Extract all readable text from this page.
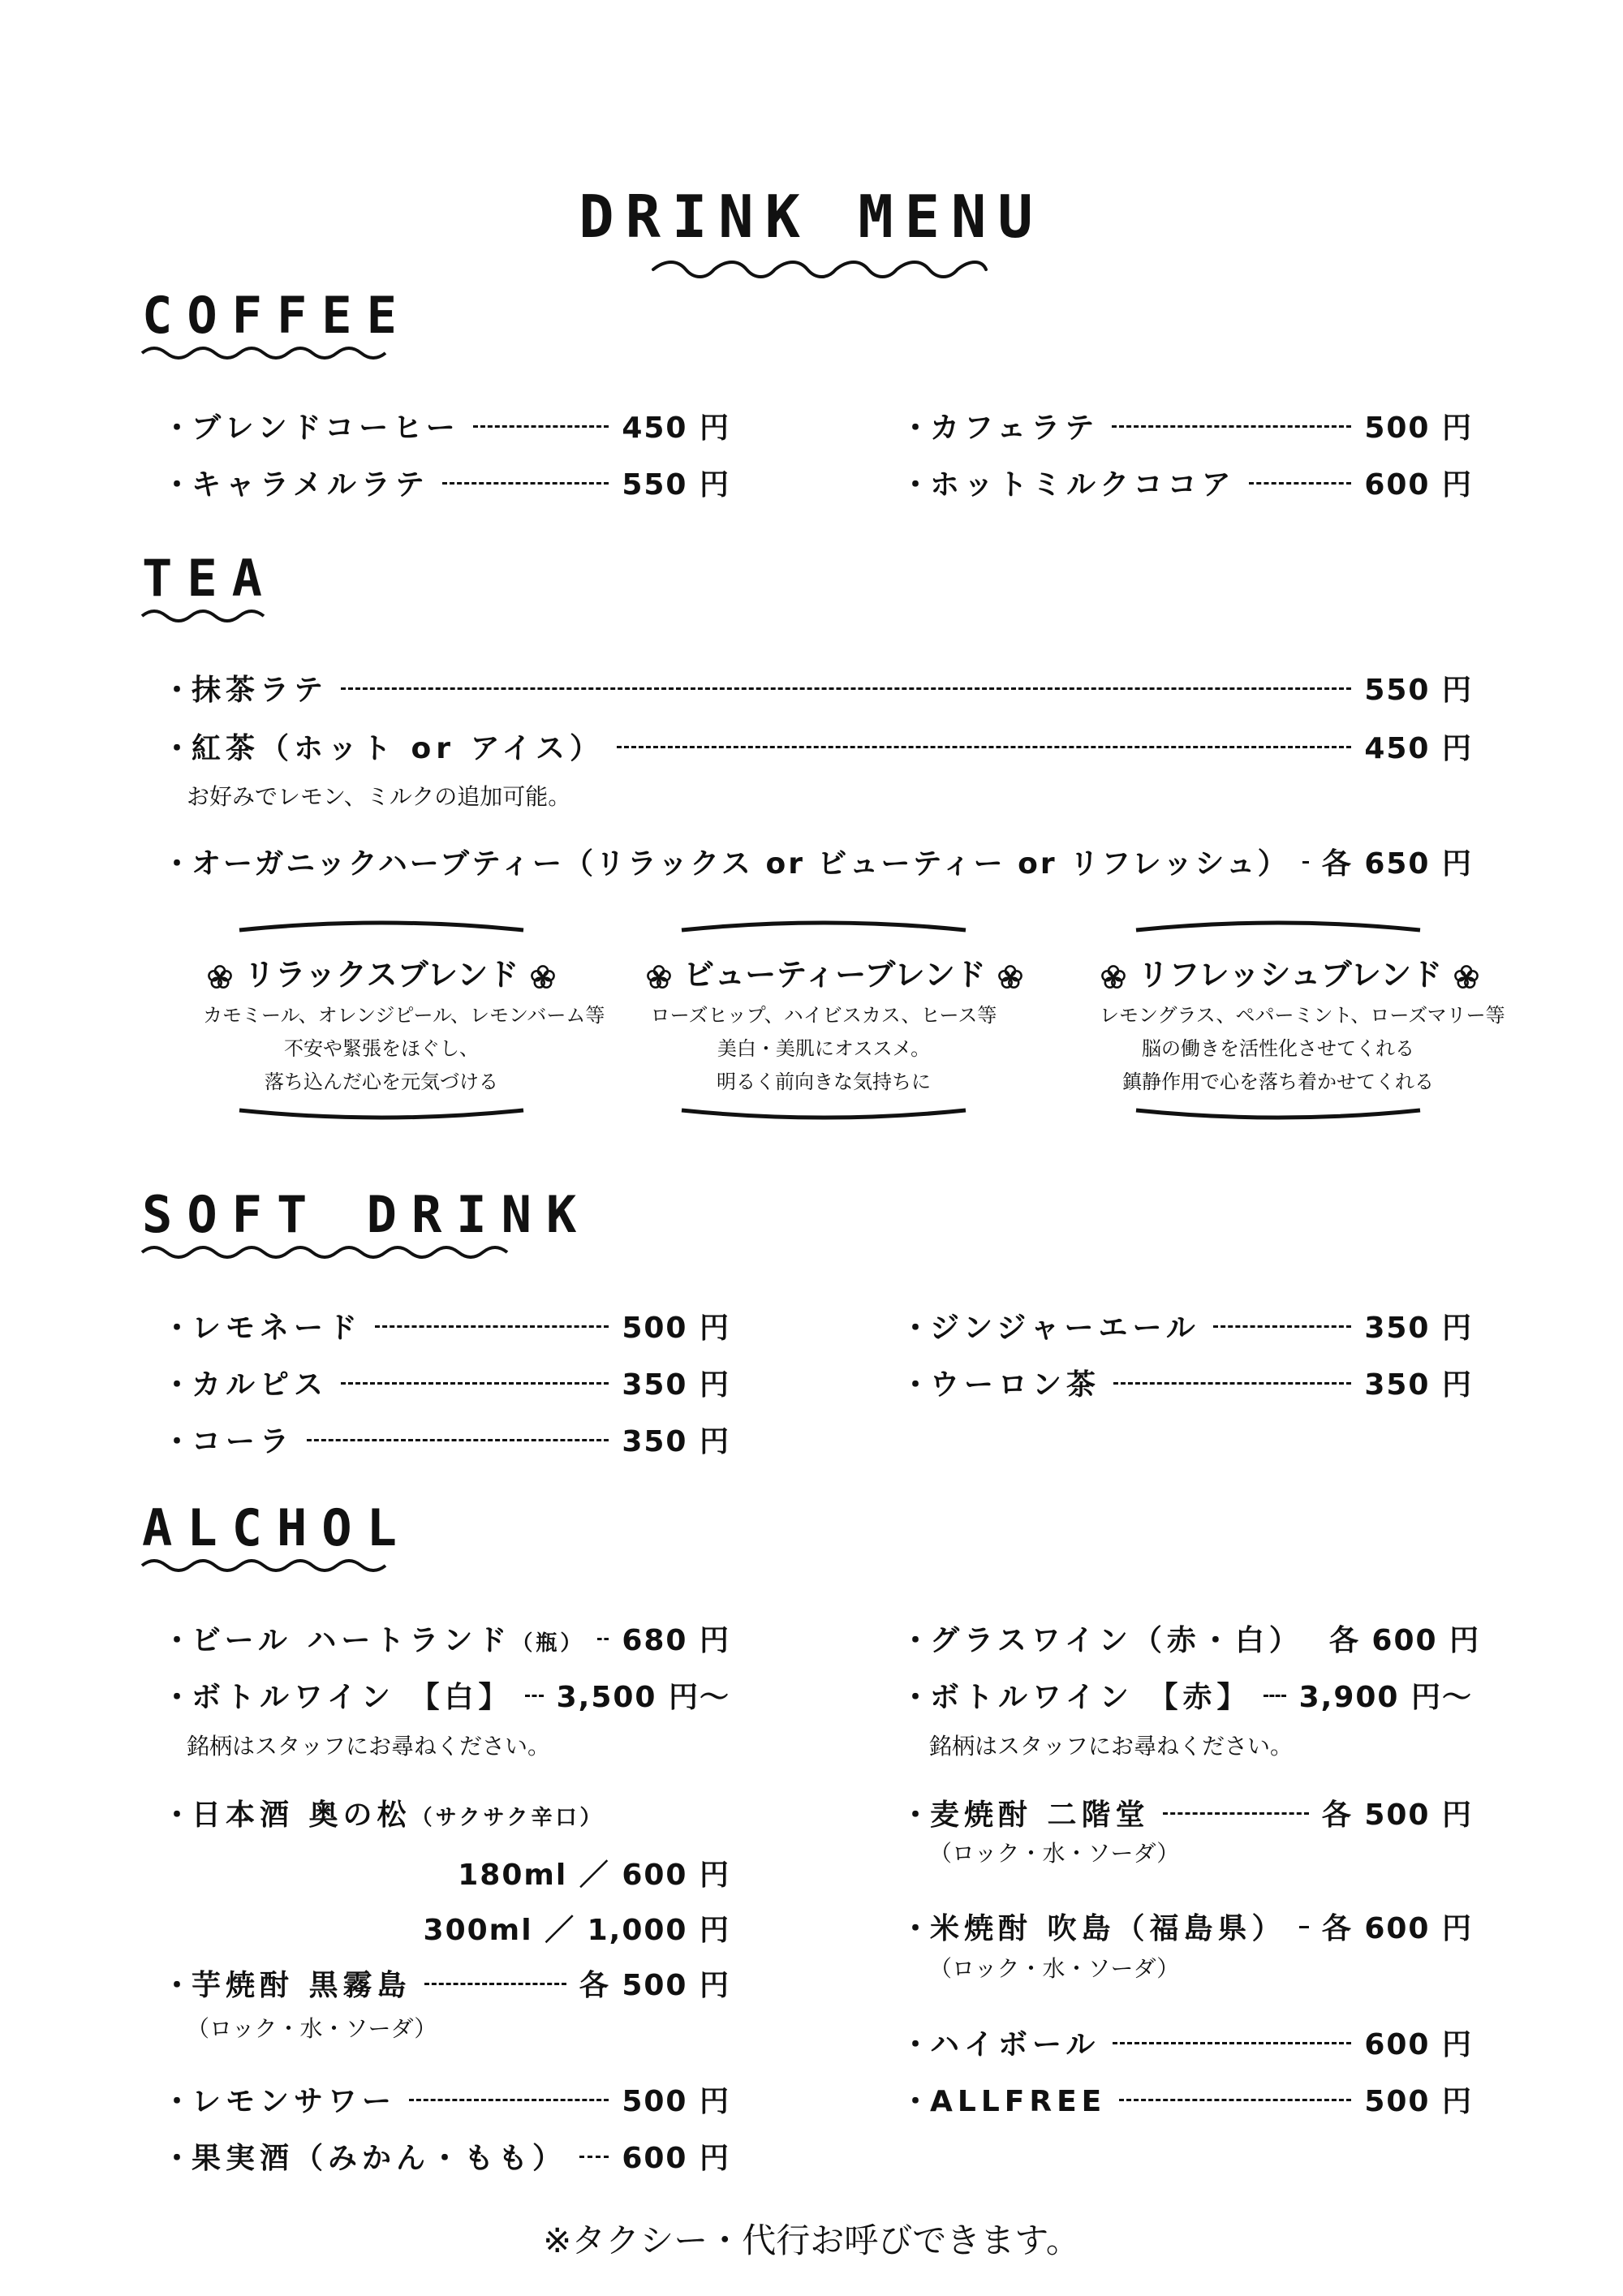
DRINK MENU
COFFEE
・ ブレンドコーヒー	450 円
・ キャラメルラテ	550 円
・ カフェラテ	500 円
・ ホットミルクココア	600 円
TEA
・ 抹茶ラテ	550 円
・ 紅茶（ホット or アイス）	450 円
お好みでレモン、ミルクの追加可能。
・ オーガニックハーブティー（リラックス or ビューティー or リフレッシュ） 各 650 円
リラックスブレンド
カモミール、オレンジピール、レモンバーム等
不安や緊張をほぐし、
落ち込んだ心を元気づける
ビューティーブレンド
ローズヒップ、ハイビスカス、ヒース等
美白・美肌にオススメ。
明るく前向きな気持ちに
リフレッシュブレンド
レモングラス、ペパーミント、ローズマリー等
脳の働きを活性化させてくれる
鎮静作用で心を落ち着かせてくれる
SOFT DRINK
・ レモネード	500 円
・ カルピス	350 円
・ コーラ	350 円
・ ジンジャーエール	350 円
・ ウーロン茶	350 円
ALCHOL
・ ビール ハートランド （瓶） 680 円
・ ボトルワイン 【白】 3,500 円〜
銘柄はスタッフにお尋ねください。
・ 日本酒 奥の松 （サクサク辛口）
180ml ／ 600 円
300ml ／ 1,000 円
・ 芋焼酎 黒霧島	各 500 円
（ロック・水・ソーダ）
・ レモンサワー	500 円
・ 果実酒（みかん・もも） 600 円
・ グラスワイン（赤・白） 各 600 円
・ ボトルワイン 【赤】 3,900 円〜
銘柄はスタッフにお尋ねください。
・ 麦焼酎 二階堂	各 500 円
（ロック・水・ソーダ）
・ 米焼酎 吹島（福島県） 各 600 円
（ロック・水・ソーダ）
・ ハイボール	600 円
・ ALLFREE	500 円
※タクシー・代行お呼びできます。
